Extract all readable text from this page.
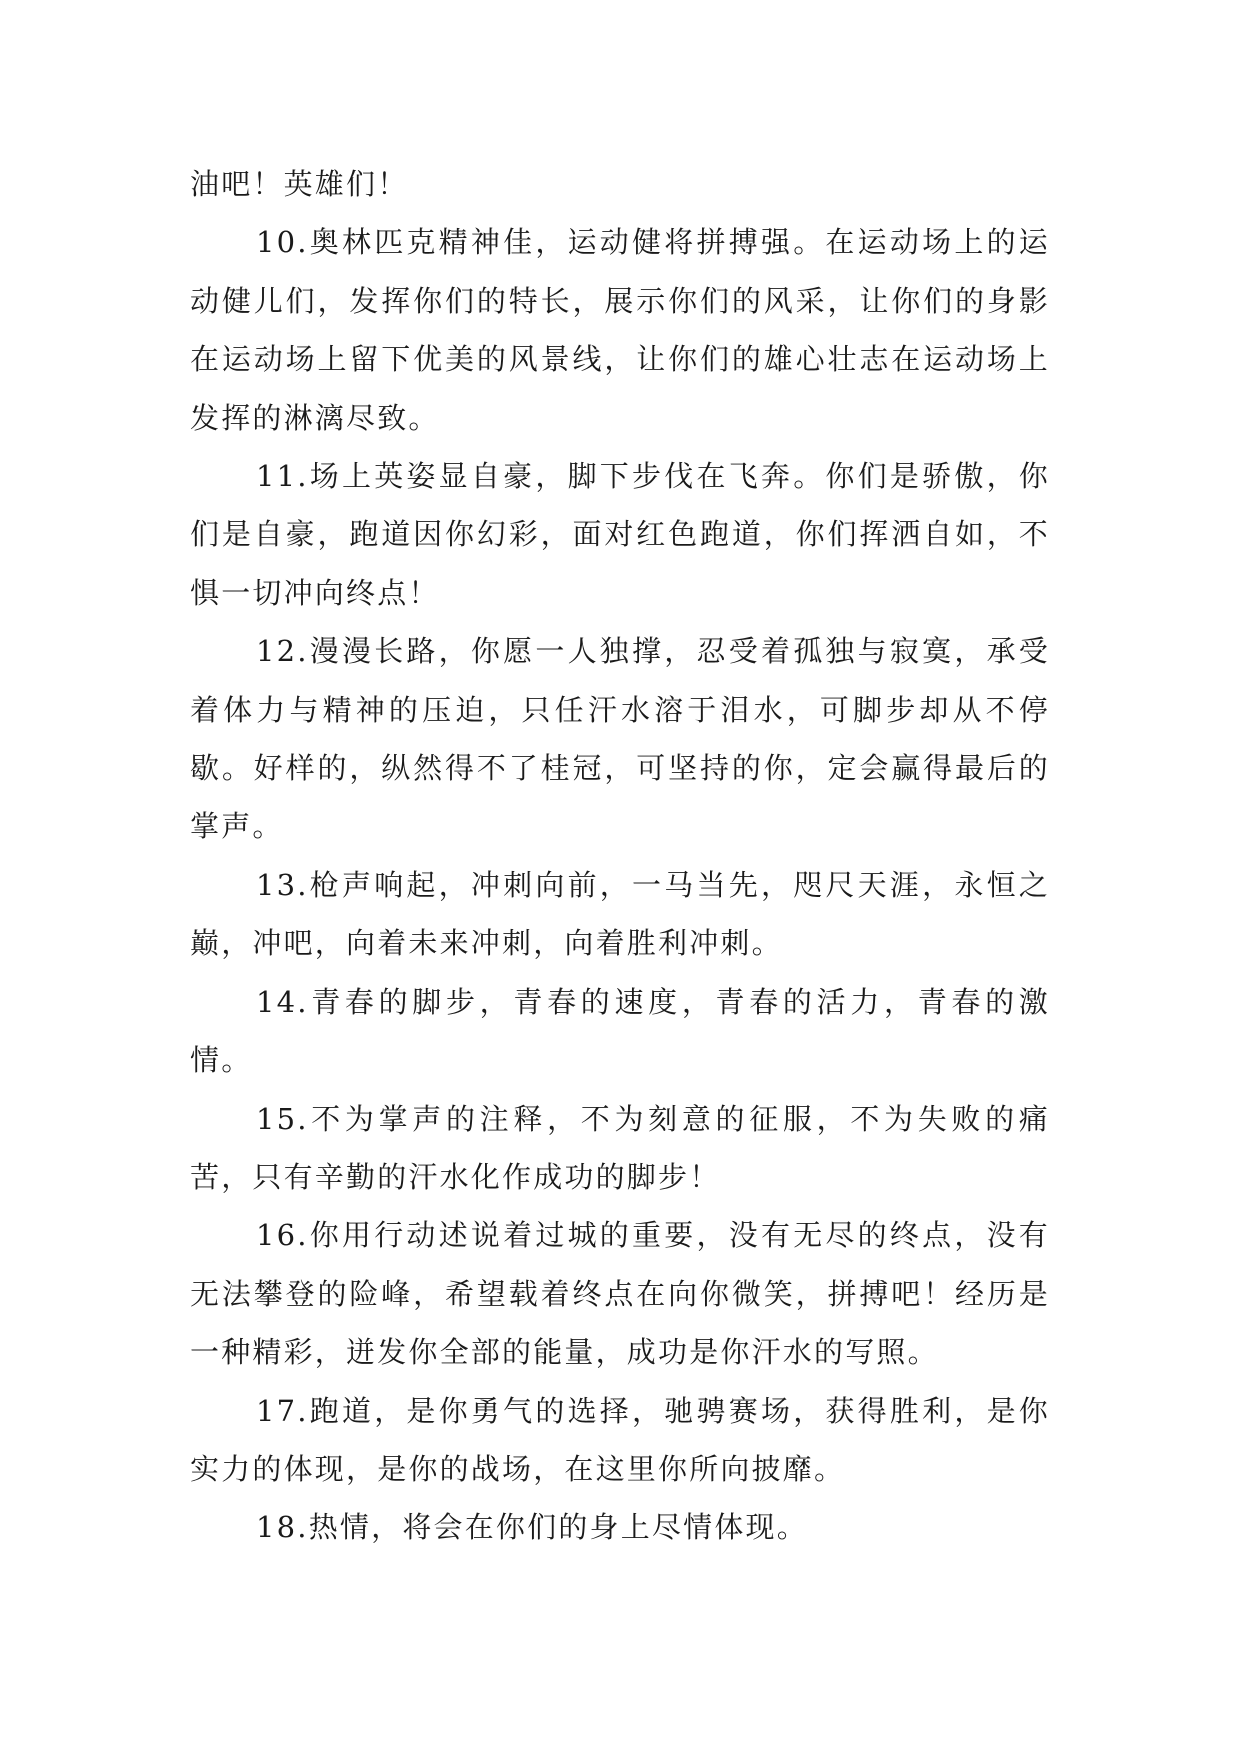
油吧！英雄们！

10.奥林匹克精神佳，运动健将拼搏强。在运动场上的运动健儿们，发挥你们的特长，展示你们的风采，让你们的身影在运动场上留下优美的风景线，让你们的雄心壮志在运动场上发挥的淋漓尽致。

11.场上英姿显自豪，脚下步伐在飞奔。你们是骄傲，你们是自豪，跑道因你幻彩，面对红色跑道，你们挥洒自如，不惧一切冲向终点！

12.漫漫长路，你愿一人独撑，忍受着孤独与寂寞，承受着体力与精神的压迫，只任汗水溶于泪水，可脚步却从不停歇。好样的，纵然得不了桂冠，可坚持的你，定会赢得最后的掌声。

13.枪声响起，冲刺向前，一马当先，咫尺天涯，永恒之巅，冲吧，向着未来冲刺，向着胜利冲刺。

14.青春的脚步，青春的速度，青春的活力，青春的激情。

15.不为掌声的注释，不为刻意的征服，不为失败的痛苦，只有辛勤的汗水化作成功的脚步！

16.你用行动述说着过城的重要，没有无尽的终点，没有无法攀登的险峰，希望载着终点在向你微笑，拼搏吧！经历是一种精彩，迸发你全部的能量，成功是你汗水的写照。

17.跑道，是你勇气的选择，驰骋赛场，获得胜利，是你实力的体现，是你的战场，在这里你所向披靡。

18.热情，将会在你们的身上尽情体现。
